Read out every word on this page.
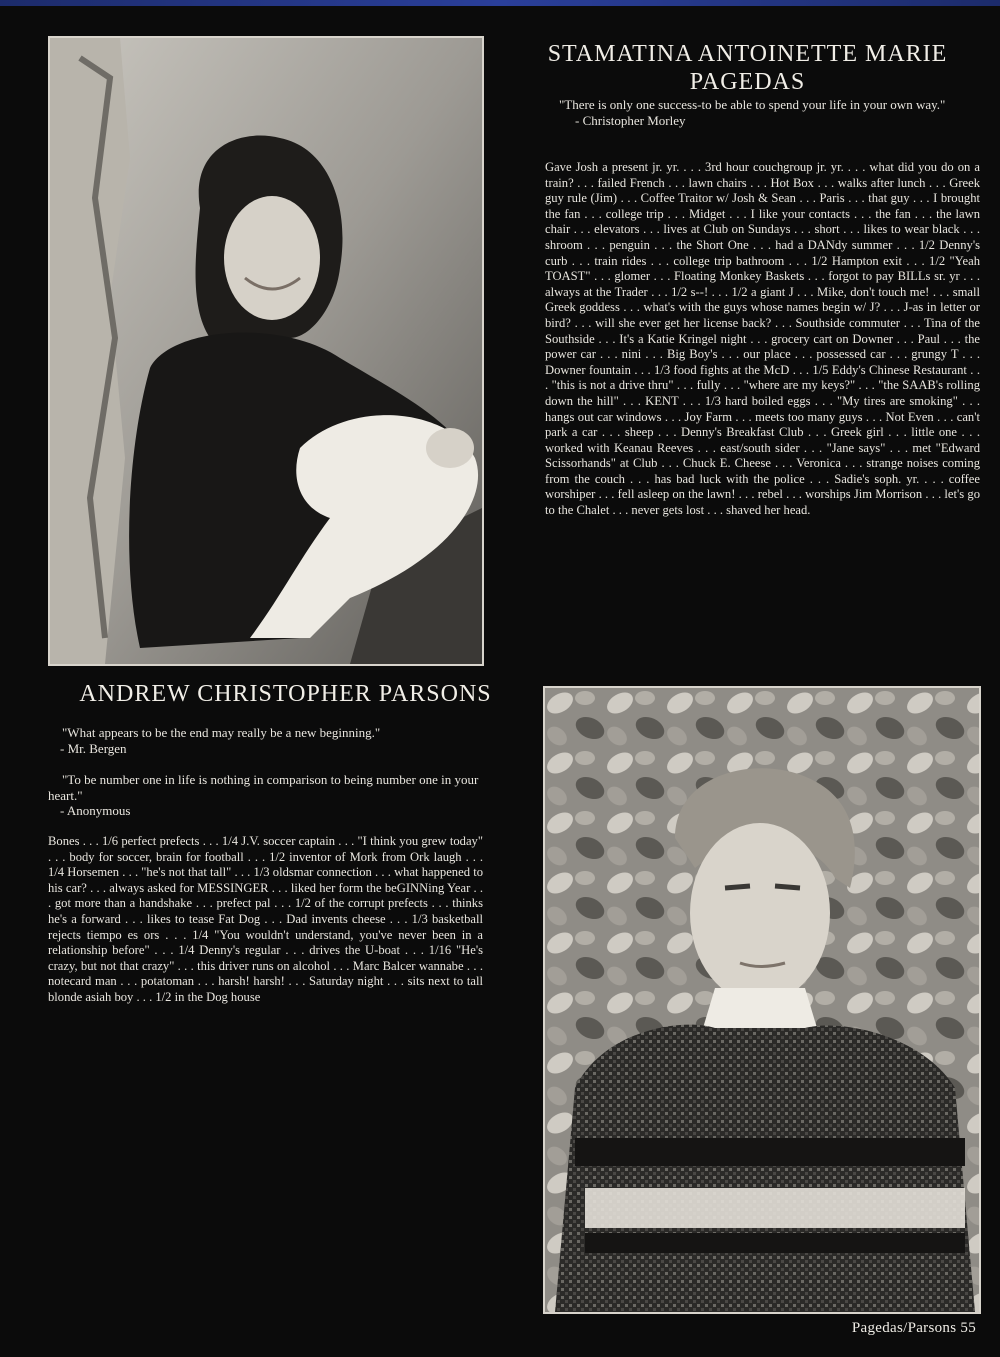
STAMATINA ANTOINETTE MARIE PAGEDAS

"There is only one success-to be able to spend your life in your own way."
- Christopher Morley

Gave Josh a present jr. yr. . . . 3rd hour couchgroup jr. yr. . . . what did you do on a train? . . . failed French . . . lawn chairs . . . Hot Box . . . walks after lunch . . . Greek guy rule (Jim) . . . Coffee Traitor w/ Josh & Sean . . . Paris . . . that guy . . . I brought the fan . . . college trip . . . Midget . . . I like your contacts . . . the fan . . . the lawn chair . . . elevators . . . lives at Club on Sundays . . . short . . . likes to wear black . . . shroom . . . penguin . . . the Short One . . . had a DANdy summer . . . 1/2 Denny's curb . . . train rides . . . college trip bathroom . . . 1/2 Hampton exit . . . 1/2 "Yeah TOAST" . . . glomer . . . Floating Monkey Baskets . . . forgot to pay BILLs sr. yr . . . always at the Trader . . . 1/2 s--! . . . 1/2 a giant J . . . Mike, don't touch me! . . . small Greek goddess . . . what's with the guys whose names begin w/ J? . . . J-as in letter or bird? . . . will she ever get her license back? . . . Southside commuter . . . Tina of the Southside . . . It's a Katie Kringel night . . . grocery cart on Downer . . . Paul . . . the power car . . . nini . . . Big Boy's . . . our place . . . possessed car . . . grungy T . . . Downer fountain . . . 1/3 food fights at the McD . . . 1/5 Eddy's Chinese Restaurant . . . "this is not a drive thru" . . . fully . . . "where are my keys?" . . . "the SAAB's rolling down the hill" . . . KENT . . . 1/3 hard boiled eggs . . . "My tires are smoking" . . . hangs out car windows . . . Joy Farm . . . meets too many guys . . . Not Even . . . can't park a car . . . sheep . . . Denny's Breakfast Club . . . Greek girl . . . little one . . . worked with Keanau Reeves . . . east/south sider . . . "Jane says" . . . met "Edward Scissorhands" at Club . . . Chuck E. Cheese . . . Veronica . . . strange noises coming from the couch . . . has bad luck with the police . . . Sadie's soph. yr. . . . coffee worshiper . . . fell asleep on the lawn! . . . rebel . . . worships Jim Morrison . . . let's go to the Chalet . . . never gets lost . . . shaved her head.

ANDREW CHRISTOPHER PARSONS

"What appears to be the end may really be a new beginning."
- Mr. Bergen

"To be number one in life is nothing in comparison to being number one in your heart."
- Anonymous

Bones . . . 1/6 perfect prefects . . . 1/4 J.V. soccer captain . . . "I think you grew today" . . . body for soccer, brain for football . . . 1/2 inventor of Mork from Ork laugh . . . 1/4 Horsemen . . . "he's not that tall" . . . 1/3 oldsmar connection . . . what happened to his car? . . . always asked for MESSINGER . . . liked her form the beGINNing Year . . . got more than a handshake . . . prefect pal . . . 1/2 of the corrupt prefects . . . thinks he's a forward . . . likes to tease Fat Dog . . . Dad invents cheese . . . 1/3 basketball rejects tiempo es ors . . . 1/4 "You wouldn't understand, you've never been in a relationship before" . . . 1/4 Denny's regular . . . drives the U-boat . . . 1/16 "He's crazy, but not that crazy" . . . this driver runs on alcohol . . . Marc Balcer wannabe . . . notecard man . . . potatoman . . . harsh! harsh! . . . Saturday night . . . sits next to tall blonde asiah boy . . . 1/2 in the Dog house

Pagedas/Parsons 55
